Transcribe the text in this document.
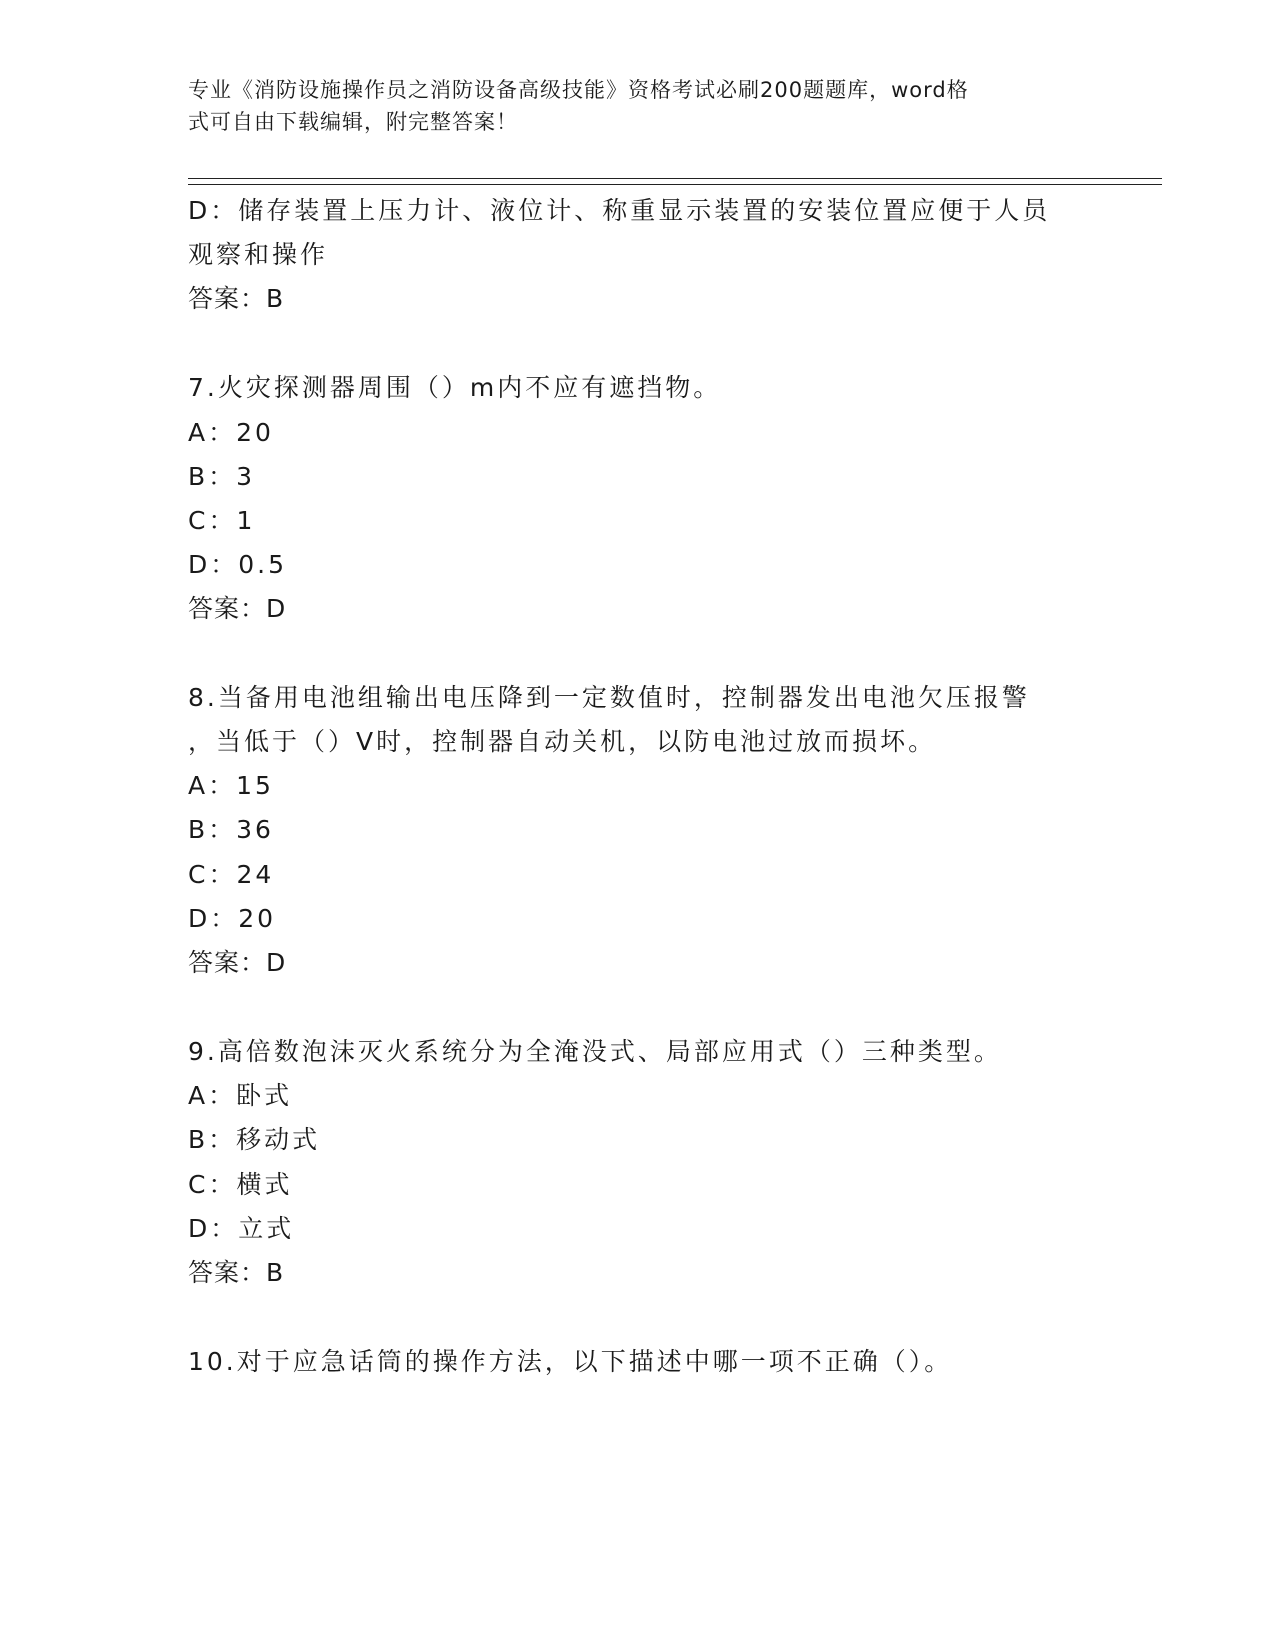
专业《消防设施操作员之消防设备高级技能》资格考试必刷200题题库，word格
式可自由下载编辑，附完整答案！
D：储存装置上压力计、液位计、称重显示装置的安装位置应便于人员
观察和操作
答案：B
7.火灾探测器周围（）m内不应有遮挡物。
A：20
B：3
C：1
D：0.5
答案：D
8.当备用电池组输出电压降到一定数值时，控制器发出电池欠压报警
，当低于（）V时，控制器自动关机，以防电池过放而损坏。
A：15
B：36
C：24
D：20
答案：D
9.高倍数泡沫灭火系统分为全淹没式、局部应用式（）三种类型。
A：卧式
B：移动式
C：横式
D：立式
答案：B
10.对于应急话筒的操作方法，以下描述中哪一项不正确（）。
